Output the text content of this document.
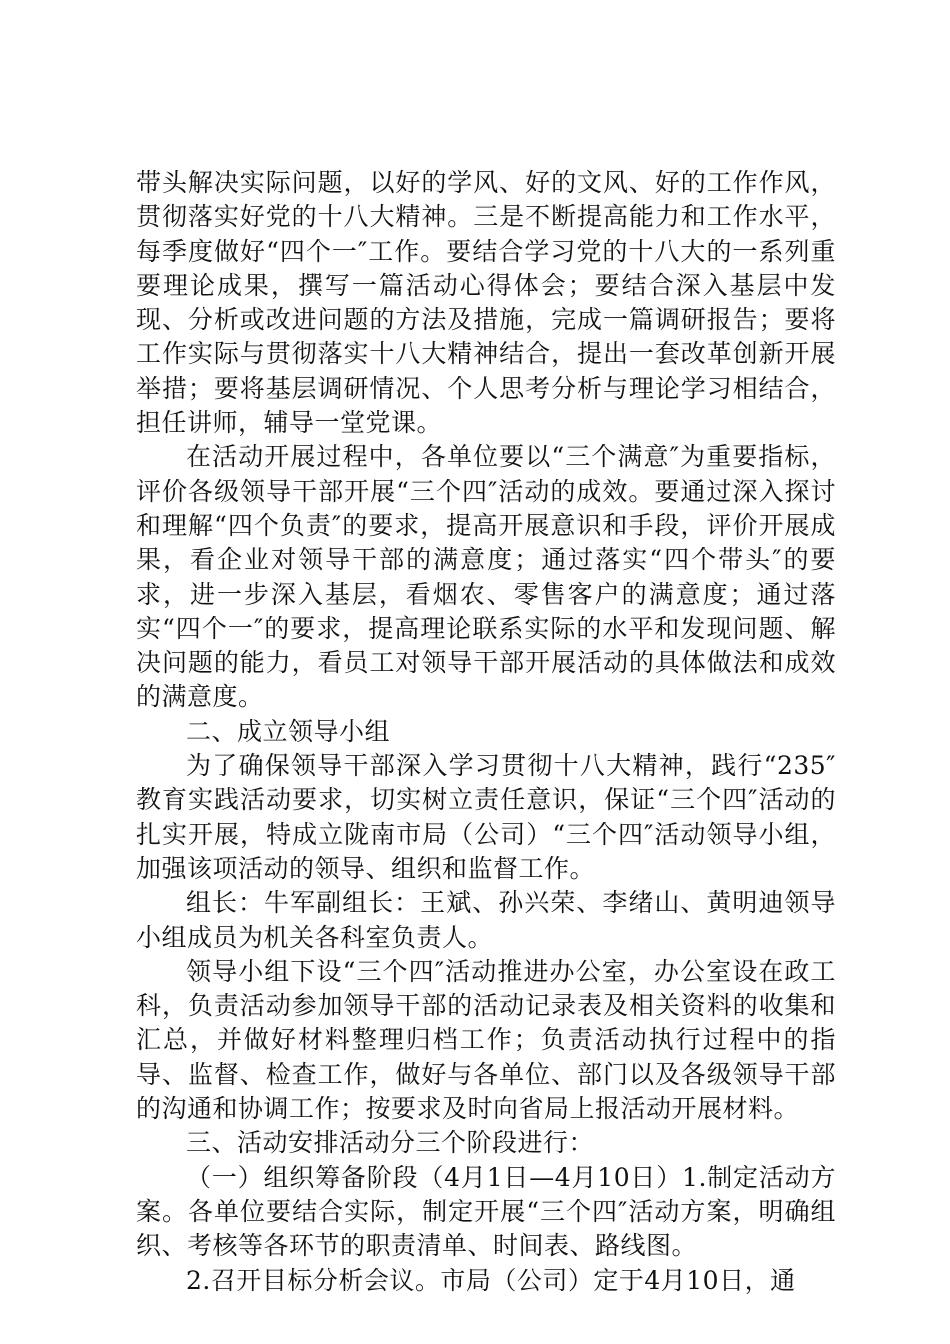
带头解决实际问题，以好的学风、好的文风、好的工作作风，贯彻落实好党的十八大精神。三是不断提高能力和工作水平，每季度做好“四个一″工作。要结合学习党的十八大的一系列重要理论成果，撰写一篇活动心得体会；要结合深入基层中发现、分析或改进问题的方法及措施，完成一篇调研报告；要将工作实际与贯彻落实十八大精神结合，提出一套改革创新开展举措；要将基层调研情况、个人思考分析与理论学习相结合，担任讲师，辅导一堂党课。

在活动开展过程中，各单位要以“三个满意″为重要指标，评价各级领导干部开展“三个四″活动的成效。要通过深入探讨和理解“四个负责″的要求，提高开展意识和手段，评价开展成果，看企业对领导干部的满意度；通过落实“四个带头″的要求，进一步深入基层，看烟农、零售客户的满意度；通过落实“四个一″的要求，提高理论联系实际的水平和发现问题、解决问题的能力，看员工对领导干部开展活动的具体做法和成效的满意度。

二、成立领导小组

为了确保领导干部深入学习贯彻十八大精神，践行“235″教育实践活动要求，切实树立责任意识，保证“三个四″活动的扎实开展，特成立陇南市局（公司）“三个四″活动领导小组，加强该项活动的领导、组织和监督工作。

组长：牛军副组长：王斌、孙兴荣、李绪山、黄明迪领导小组成员为机关各科室负责人。

领导小组下设“三个四″活动推进办公室，办公室设在政工科，负责活动参加领导干部的活动记录表及相关资料的收集和汇总，并做好材料整理归档工作；负责活动执行过程中的指导、监督、检查工作，做好与各单位、部门以及各级领导干部的沟通和协调工作；按要求及时向省局上报活动开展材料。

三、活动安排活动分三个阶段进行：

（一）组织筹备阶段（4月1日—4月10日）1.制定活动方案。各单位要结合实际，制定开展“三个四″活动方案，明确组织、考核等各环节的职责清单、时间表、路线图。

2.召开目标分析会议。市局（公司）定于4月10日，通
